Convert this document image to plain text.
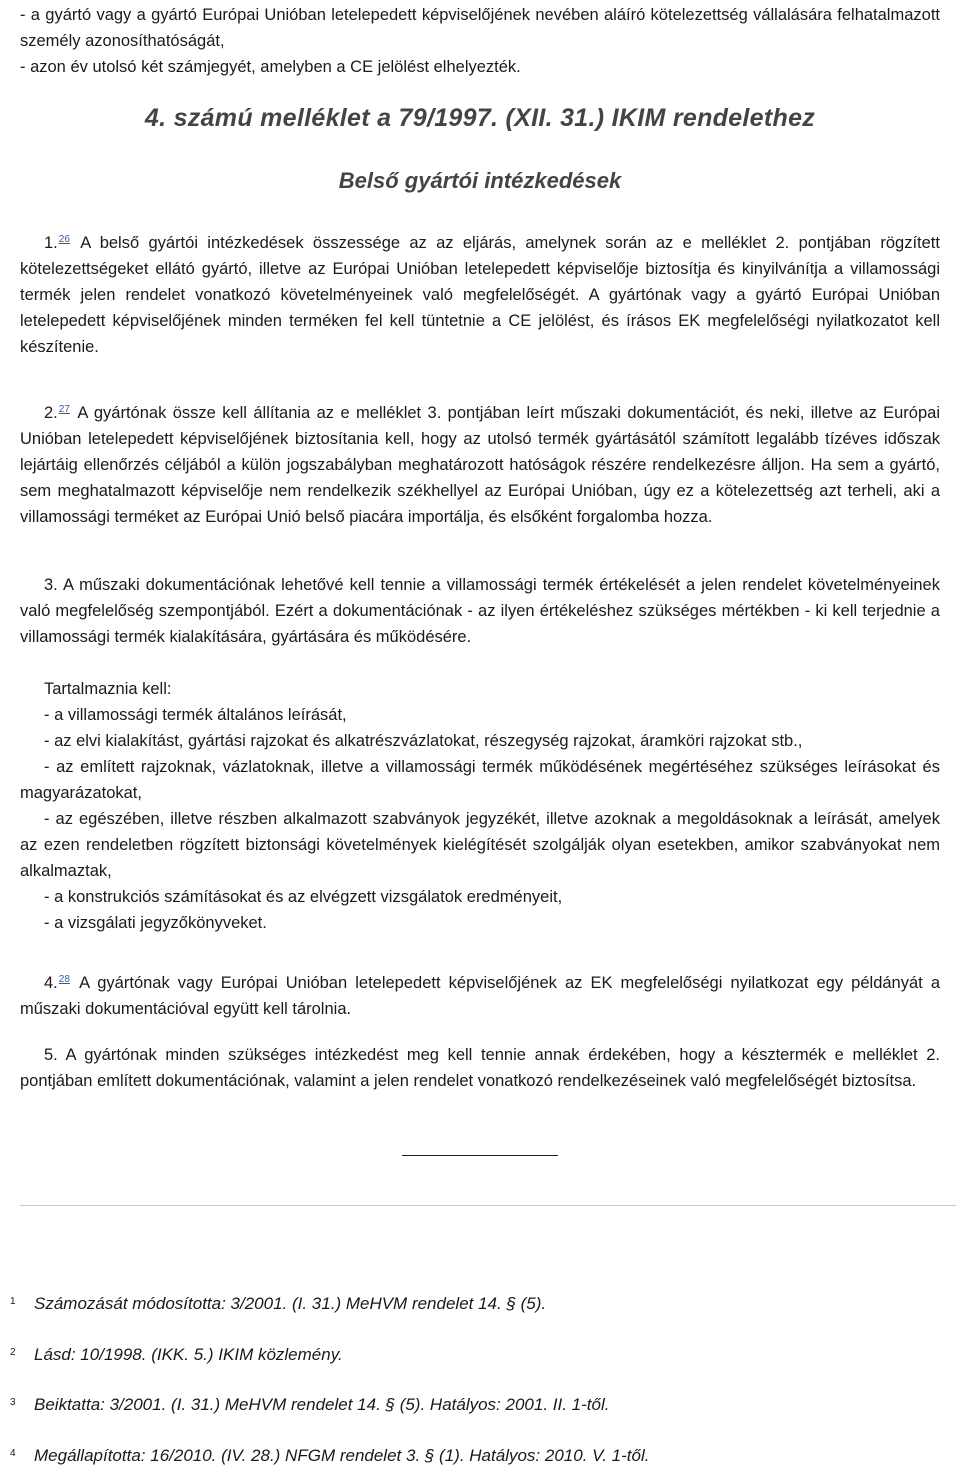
- a gyártó vagy a gyártó Európai Unióban letelepedett képviselőjének nevében aláíró kötelezettség vállalására felhatalmazott személy azonosíthatóságát,

- azon év utolsó két számjegyét, amelyben a CE jelölést elhelyezték.

4. számú melléklet a 79/1997. (XII. 31.) IKIM rendelethez
Belső gyártói intézkedések

1.26 A belső gyártói intézkedések összessége az az eljárás, amelynek során az e melléklet 2. pontjában rögzített kötelezettségeket ellátó gyártó, illetve az Európai Unióban letelepedett képviselője biztosítja és kinyilvánítja a villamossági termék jelen rendelet vonatkozó követelményeinek való megfelelőségét. A gyártónak vagy a gyártó Európai Unióban letelepedett képviselőjének minden terméken fel kell tüntetnie a CE jelölést, és írásos EK megfelelőségi nyilatkozatot kell készítenie.

2.27 A gyártónak össze kell állítania az e melléklet 3. pontjában leírt műszaki dokumentációt, és neki, illetve az Európai Unióban letelepedett képviselőjének biztosítania kell, hogy az utolsó termék gyártásától számított legalább tízéves időszak lejártáig ellenőrzés céljából a külön jogszabályban meghatározott hatóságok részére rendelkezésre álljon. Ha sem a gyártó, sem meghatalmazott képviselője nem rendelkezik székhellyel az Európai Unióban, úgy ez a kötelezettség azt terheli, aki a villamossági terméket az Európai Unió belső piacára importálja, és elsőként forgalomba hozza.

3. A műszaki dokumentációnak lehetővé kell tennie a villamossági termék értékelését a jelen rendelet követelményeinek való megfelelőség szempontjából. Ezért a dokumentációnak - az ilyen értékeléshez szükséges mértékben - ki kell terjednie a villamossági termék kialakítására, gyártására és működésére.

Tartalmaznia kell:
- a villamossági termék általános leírását,
- az elvi kialakítást, gyártási rajzokat és alkatrészvázlatokat, részegység rajzokat, áramköri rajzokat stb.,
- az említett rajzoknak, vázlatoknak, illetve a villamossági termék működésének megértéséhez szükséges leírásokat és magyarázatokat,
- az egészében, illetve részben alkalmazott szabványok jegyzékét, illetve azoknak a megoldásoknak a leírását, amelyek az ezen rendeletben rögzített biztonsági követelmények kielégítését szolgálják olyan esetekben, amikor szabványokat nem alkalmaztak,
- a konstrukciós számításokat és az elvégzett vizsgálatok eredményeit,
- a vizsgálati jegyzőkönyveket.

4.28 A gyártónak vagy Európai Unióban letelepedett képviselőjének az EK megfelelőségi nyilatkozat egy példányát a műszaki dokumentációval együtt kell tárolnia.

5. A gyártónak minden szükséges intézkedést meg kell tennie annak érdekében, hogy a késztermék e melléklet 2. pontjában említett dokumentációnak, valamint a jelen rendelet vonatkozó rendelkezéseinek való megfelelőségét biztosítsa.

1 Számozását módosította: 3/2001. (I. 31.) MeHVM rendelet 14. § (5).

2 Lásd: 10/1998. (IKK. 5.) IKIM közlemény.

3 Beiktatta: 3/2001. (I. 31.) MeHVM rendelet 14. § (5). Hatályos: 2001. II. 1-től.

4 Megállapította: 16/2010. (IV. 28.) NFGM rendelet 3. § (1). Hatályos: 2010. V. 1-től.
